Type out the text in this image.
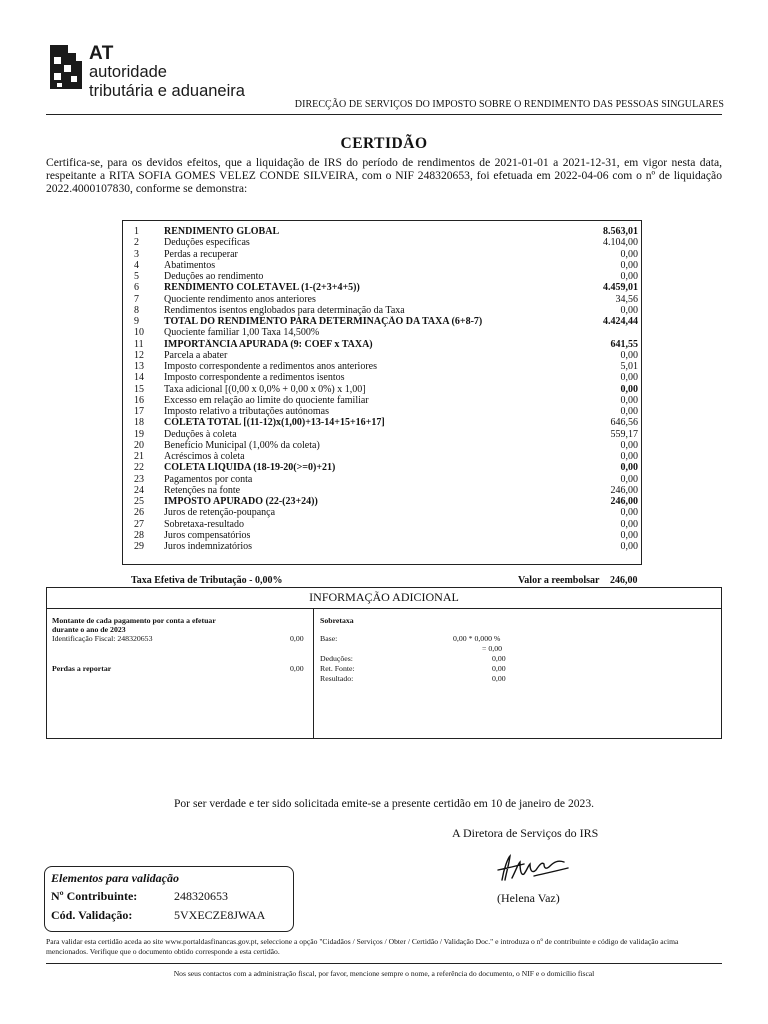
AT
autoridade
tributária e aduaneira
DIRECÇÃO DE SERVIÇOS DO IMPOSTO SOBRE O RENDIMENTO DAS PESSOAS SINGULARES
CERTIDÃO
Certifica-se, para os devidos efeitos, que a liquidação de IRS do período de rendimentos de 2021-01-01 a 2021-12-31, em vigor nesta data, respeitante a RITA SOFIA GOMES VELEZ CONDE SILVEIRA, com o NIF 248320653, foi efetuada em 2022-04-06 com o nº de liquidação 2022.4000107830, conforme se demonstra:
1	RENDIMENTO GLOBAL	8.563,01
2	Deduções específicas	4.104,00
3	Perdas a recuperar	0,00
4	Abatimentos	0,00
5	Deduções ao rendimento	0,00
6	RENDIMENTO COLETÁVEL (1-(2+3+4+5))	4.459,01
7	Quociente rendimento anos anteriores	34,56
8	Rendimentos isentos englobados para determinação da Taxa	0,00
9	TOTAL DO RENDIMENTO PARA DETERMINAÇÃO DA TAXA (6+8-7)	4.424,44
10	Quociente familiar 1,00 Taxa 14,500%
11	IMPORTÂNCIA APURADA (9: COEF x TAXA)	641,55
12	Parcela a abater	0,00
13	Imposto correspondente a redimentos anos anteriores	5,01
14	Imposto correspondente a redimentos isentos	0,00
15	Taxa adicional [(0,00 x 0,0% + 0,00 x 0%) x 1,00]	0,00
16	Excesso em relação ao limite do quociente familiar	0,00
17	Imposto relativo a tributações autónomas	0,00
18	COLETA TOTAL [(11-12)x(1,00)+13-14+15+16+17]	646,56
19	Deduções à coleta	559,17
20	Benefício Municipal (1,00% da coleta)	0,00
21	Acréscimos à coleta	0,00
22	COLETA LÍQUIDA (18-19-20(>=0)+21)	0,00
23	Pagamentos por conta	0,00
24	Retenções na fonte	246,00
25	IMPOSTO APURADO (22-(23+24))	246,00
26	Juros de retenção-poupança	0,00
27	Sobretaxa-resultado	0,00
28	Juros compensatórios	0,00
29	Juros indemnizatórios	0,00
Taxa Efetiva de Tributação - 0,00%	Valor a reembolsar 246,00
INFORMAÇÃO ADICIONAL
Montante de cada pagamento por conta a efetuar
durante o ano de 2023
Identificação Fiscal: 248320653	0,00
Perdas a reportar	0,00
Sobretaxa
Base:	0,00 * 0,000 %
= 0,00
Deduções:	0,00
Ret. Fonte:	0,00
Resultado:	0,00
Por ser verdade e ter sido solicitada emite-se a presente certidão em 10 de janeiro de 2023.
A Diretora de Serviços do IRS
(Helena Vaz)
Elementos para validação
Nº Contribuinte:	248320653
Cód. Validação:	5VXECZE8JWAA
Para validar esta certidão aceda ao site www.portaldasfinancas.gov.pt, seleccione a opção "Cidadãos / Serviços / Obter / Certidão / Validação Doc." e introduza o nº de contribuinte e código de validação acima mencionados. Verifique que o documento obtido corresponde a esta certidão.
Nos seus contactos com a administração fiscal, por favor, mencione sempre o nome, a referência do documento, o NIF e o domicílio fiscal
